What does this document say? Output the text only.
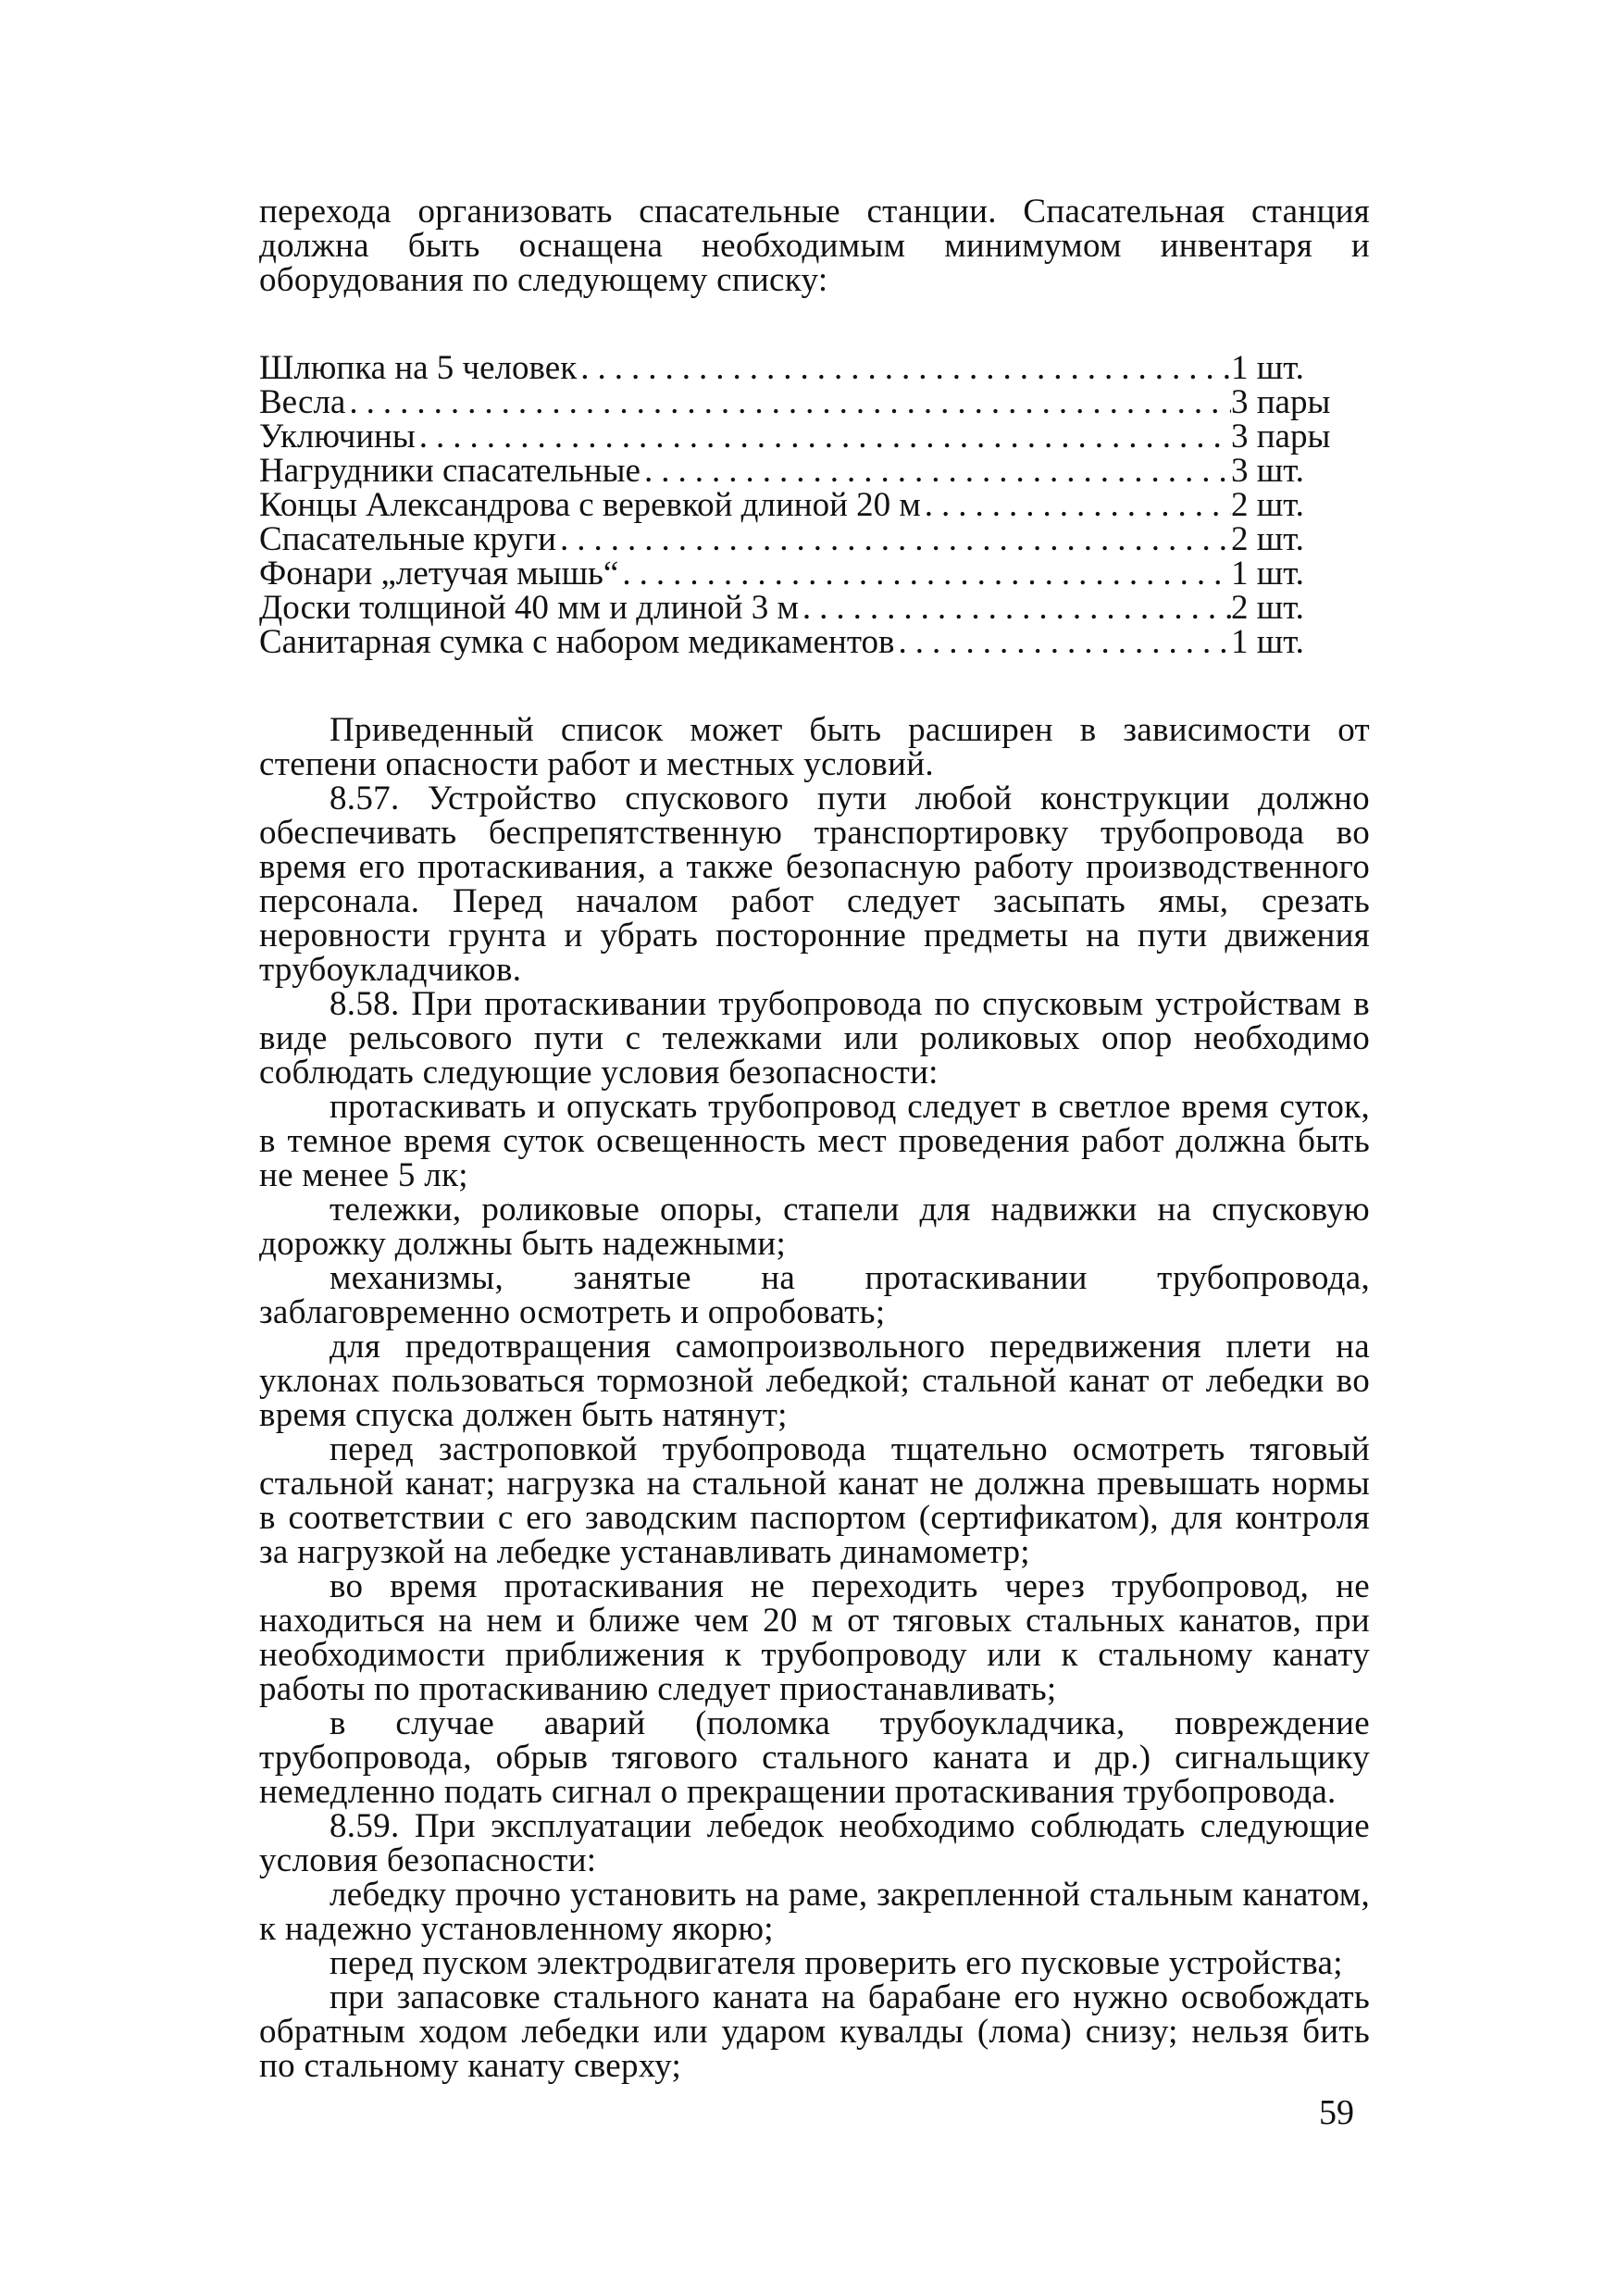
перехода организовать спасательные станции. Спасательная станция должна быть оснащена необходимым минимумом инвентаря и оборудования по следующему списку:

Шлюпка на 5 человек .....	1 шт.
Весла .....	3 пары
Уключины .....	3 пары
Нагрудники спасательные .....	3 шт.
Концы Александрова с веревкой длиной 20 м .....	2 шт.
Спасательные круги .....	2 шт.
Фонари „летучая мышь“ .....	1 шт.
Доски толщиной 40 мм и длиной 3 м .....	2 шт.
Санитарная сумка с набором медикаментов .....	1 шт.

Приведенный список может быть расширен в зависимости от степени опасности работ и местных условий.

8.57. Устройство спускового пути любой конструкции должно обеспечивать беспрепятственную транспортировку трубопровода во время его протаскивания, а также безопасную работу производственного персонала. Перед началом работ следует засыпать ямы, срезать неровности грунта и убрать посторонние предметы на пути движения трубоукладчиков.

8.58. При протаскивании трубопровода по спусковым устройствам в виде рельсового пути с тележками или роликовых опор необходимо соблюдать следующие условия безопасности:

протаскивать и опускать трубопровод следует в светлое время суток, в темное время суток освещенность мест проведения работ должна быть не менее 5 лк;

тележки, роликовые опоры, стапели для надвижки на спусковую дорожку должны быть надежными;

механизмы, занятые на протаскивании трубопровода, заблаговременно осмотреть и опробовать;

для предотвращения самопроизвольного передвижения плети на уклонах пользоваться тормозной лебедкой; стальной канат от лебедки во время спуска должен быть натянут;

перед застроповкой трубопровода тщательно осмотреть тяговый стальной канат; нагрузка на стальной канат не должна превышать нормы в соответствии с его заводским паспортом (сертификатом), для контроля за нагрузкой на лебедке устанавливать динамометр;

во время протаскивания не переходить через трубопровод, не находиться на нем и ближе чем 20 м от тяговых стальных канатов, при необходимости приближения к трубопроводу или к стальному канату работы по протаскиванию следует приостанавливать;

в случае аварий (поломка трубоукладчика, повреждение трубопровода, обрыв тягового стального каната и др.) сигнальщику немедленно подать сигнал о прекращении протаскивания трубопровода.

8.59. При эксплуатации лебедок необходимо соблюдать следующие условия безопасности:

лебедку прочно установить на раме, закрепленной стальным канатом, к надежно установленному якорю;

перед пуском электродвигателя проверить его пусковые устройства;

при запасовке стального каната на барабане его нужно освобождать обратным ходом лебедки или ударом кувалды (лома) снизу; нельзя бить по стальному канату сверху;

59
